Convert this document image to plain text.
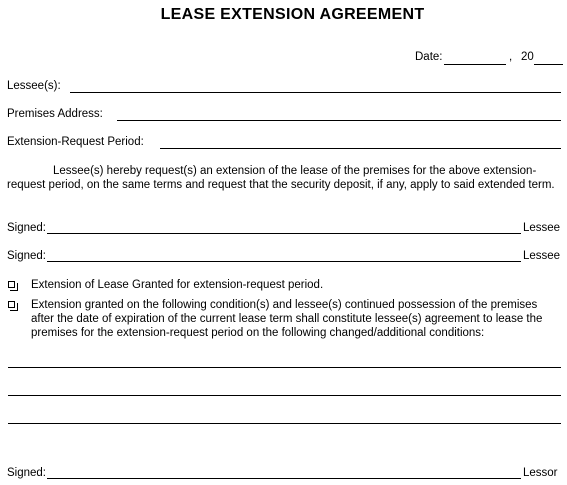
LEASE EXTENSION AGREEMENT
Date:	, 20
Lessee(s):
Premises Address:
Extension-Request Period:
Lessee(s) hereby request(s) an extension of the lease of the premises for the above extension-request period, on the same terms and request that the security deposit, if any, apply to said extended term.
Signed:	Lessee
Signed:	Lessee
Extension of Lease Granted for extension-request period.
Extension granted on the following condition(s) and lessee(s) continued possession of the premises after the date of expiration of the current lease term shall constitute lessee(s) agreement to lease the premises for the extension-request period on the following changed/additional conditions:
Signed:	Lessor
